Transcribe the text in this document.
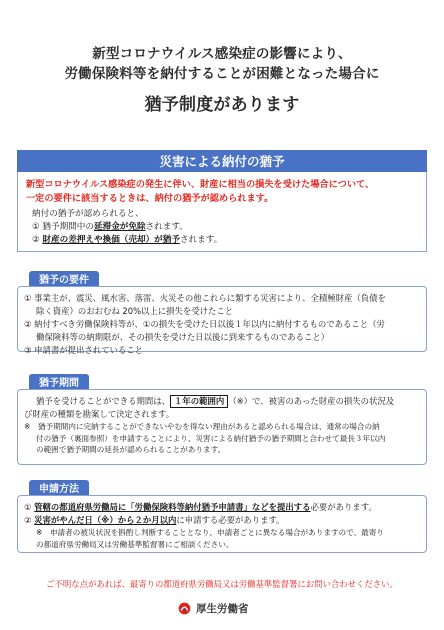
新型コロナウイルス感染症の影響により、
労働保険料等を納付することが困難となった場合に
猶予制度があります
災害による納付の猶予
新型コロナウイルス感染症の発生に伴い、財産に相当の損失を受けた場合について、
一定の要件に該当するときは、納付の猶予が認められます。
納付の猶予が認められると、
① 猶予期間中の延滞金が免除されます。
② 財産の差押えや換価（売却）が猶予されます。
猶予の要件
① 事業主が、震災、風水害、落雷、火災その他これらに類する災害により、全積極財産（負債を
除く資産）のおおむね 20%以上に損失を受けたこと
② 納付すべき労働保険料等が、①の損失を受けた日以後１年以内に納付するものであること（労
働保険料等の納期限が、その損失を受けた日以後に到来するものであること）
③ 申請書が提出されていること
猶予期間
猶予を受けることができる期間は、 １年の範囲内 （※）で、被害のあった財産の損失の状況及
び財産の種類を勘案して決定されます。
※　猶予期間内に完納することができないやむを得ない理由があると認められる場合は、通常の場合の納
付の猶予（裏面参照）を申請することにより、災害による納付猶予の猶予期間と合わせて最長３年以内
の範囲で猶予期間の延長が認められることがあります。
申請方法
① 管轄の都道府県労働局に「労働保険料等納付猶予申請書」などを提出する必要があります。
② 災害がやんだ日（※）から２か月以内に申請する必要があります。
※　申請者の被災状況を斟酌し判断することとなり、申請者ごとに異なる場合がありますので、最寄り
の都道府県労働局又は労働基準監督署にご相談ください。
ご不明な点があれば、最寄りの都道府県労働局又は労働基準監督署にお問い合わせください。
厚生労働省
